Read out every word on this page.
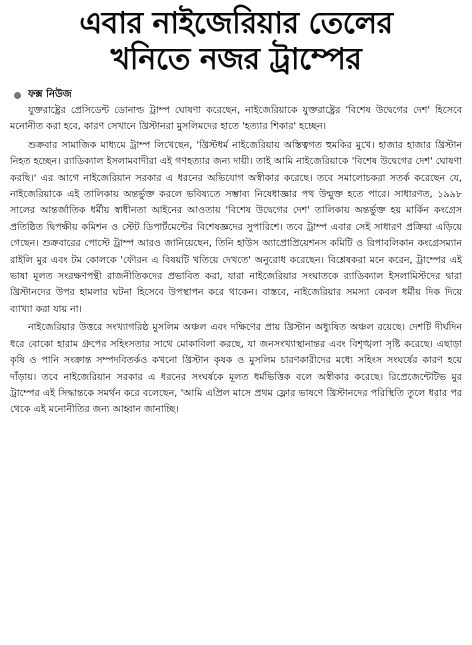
এবার নাইজেরিয়ার তেলের
খনিতে নজর ট্রাম্পের
ফক্স নিউজ

যুক্তরাষ্ট্রের প্রেসিডেন্ট ডোনাল্ড ট্রাম্প ঘোষণা করেছেন, নাইজেরিয়াকে যুক্তরাষ্ট্রের 'বিশেষ উদ্বেগের দেশ' হিসেবে মনোনীত করা হবে, কারণ সেখানে খ্রিস্টানরা মুসলিমদের হাতে 'হত্যার শিকার' হচ্ছেন।

শুক্রবার সামাজিক মাধ্যমে ট্রাম্প লিখেছেন, 'খ্রিস্টধর্ম নাইজেরিয়ায় অস্তিত্বগত হুমকির মুখে। হাজার হাজার খ্রিস্টান নিহত হচ্ছেন। র‍্যাডিক্যাল ইসলামবাদীরা এই গণহত্যার জন্য দায়ী। তাই আমি নাইজেরিয়াকে 'বিশেষ উদ্বেগের দেশ' ঘোষণা করছি।' এর আগে নাইজেরিয়ান সরকার এ ধরনের অভিযোগ অস্বীকার করেছে। তবে সমালোচকরা সতর্ক করেছেন যে, নাইজেরিয়াকে এই তালিকায় অন্তর্ভুক্ত করলে ভবিষ্যতে সম্ভাব্য নিষেধাজ্ঞার পথ উন্মুক্ত হতে পারে। সাধারণত, ১৯৯৮ সালের আন্তর্জাতিক ধর্মীয় স্বাধীনতা আইনের আওতায় 'বিশেষ উদ্বেগের দেশ' তালিকায় অন্তর্ভুক্ত হয় মার্কিন কংগ্রেস প্রতিষ্ঠিত দ্বিপক্ষীয় কমিশন ও স্টেট ডিপার্টমেন্টের বিশেষজ্ঞদের সুপারিশে। তবে ট্রাম্প এবার সেই সাধারণ প্রক্রিয়া এড়িয়ে গেছেন। শুক্রবারের পোস্টে ট্রাম্প আরও জানিয়েছেন, তিনি হাউস অ্যাপ্রোপ্রিয়েশনস কমিটি ও রিপাবলিকান কংগ্রেসম্যান রাইলি মুর এবং টম কোলকে 'ফৌরন এ বিষয়টি খতিয়ে দেখতে' অনুরোধ করেছেন। বিশ্লেষকরা মনে করেন, ট্রাম্পের এই ভাষা মূলত সংরক্ষণপন্থী রাজনীতিকদের প্রভাবিত করা, যারা নাইজেরিয়ার সংঘাতকে র‍্যাডিক্যাল ইসলামিস্টদের দ্বারা খ্রিস্টানদের উপর হামলার ঘটনা হিসেবে উপস্থাপন করে থাকেন। বাস্তবে, নাইজেরিয়ার সমস্যা কেবল ধর্মীয় দিক দিয়ে ব্যাখ্যা করা যায় না।

নাইজেরিয়ার উত্তরে সংখ্যাগরিষ্ঠ মুসলিম অঞ্চল এবং দক্ষিণের প্রায় খ্রিস্টান অধ্যুষিত অঞ্চল রয়েছে। দেশটি দীর্ঘদিন ধরে বোকো হারাম গ্রুপের সহিংসতার সাথে মোকাবিলা করছে, যা জনসংখ্যাস্থানান্তর এবং বিশৃঙ্খলা সৃষ্টি করেছে। এছাড়া কৃষি ও পানি সংক্রান্ত সম্পদবিতর্কও কখনো খ্রিস্টান কৃষক ও মুসলিম চারণকারীদের মধ্যে সহিংস সংঘর্ষের কারণ হয়ে দাঁড়ায়। তবে নাইজেরিয়ান সরকার এ ধরনের সংঘর্ষকে মূলত ধর্মভিত্তিক বলে অস্বীকার করেছে। রিপ্রেজেন্টেটিভ মুর ট্রাম্পের এই সিদ্ধান্তকে সমর্থন করে বলেছেন, 'আমি এপ্রিল মাসে প্রথম ফ্লোর ভাষণে খ্রিস্টানদের পরিস্থিতি তুলে ধরার পর থেকে এই মনোনীতির জন্য আহ্বান জানাচ্ছি।
